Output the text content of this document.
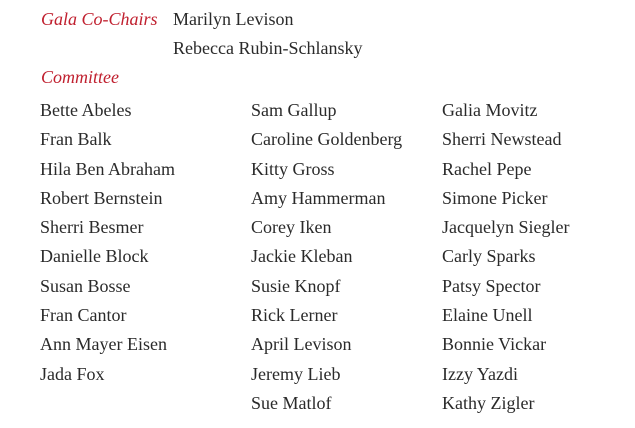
Gala Co-Chairs Marilyn Levison
Rebecca Rubin-Schlansky
Committee
Bette Abeles
Fran Balk
Hila Ben Abraham
Robert Bernstein
Sherri Besmer
Danielle Block
Susan Bosse
Fran Cantor
Ann Mayer Eisen
Jada Fox
Sam Gallup
Caroline Goldenberg
Kitty Gross
Amy Hammerman
Corey Iken
Jackie Kleban
Susie Knopf
Rick Lerner
April Levison
Jeremy Lieb
Sue Matlof
Galia Movitz
Sherri Newstead
Rachel Pepe
Simone Picker
Jacquelyn Siegler
Carly Sparks
Patsy Spector
Elaine Unell
Bonnie Vickar
Izzy Yazdi
Kathy Zigler
